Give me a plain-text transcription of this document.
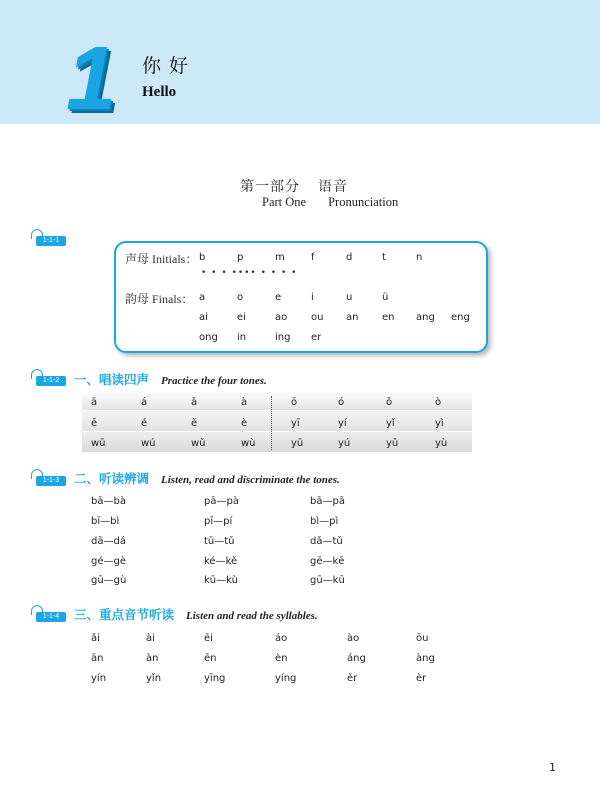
1 你好
Hello
第一部分 语音
Part One Pronunciation
1-1-1
声母 Initials： b	p	m	f	d	t	n
• • • •••• • • • •
韵母 Finals： a	o	e	i	u	ü
ai	ei	ao ou an en ang eng
ong in	ing er
1-1-2	一、唱读四声 Practice the four tones.
ā	á	ǎ	à	ō	ó	ǒ	ò
ē	é	ě	è	yī	yí	yǐ	yì
wū	wú	wǔ	wù	yū	yú	yǔ	yù
1-1-3	二、听读辨调 Listen, read and discriminate the tones.
bā—bà	pā—pà	bā—pā
bī—bì	pī—pí	bì—pì
dā—dá	tū—tǔ	dǎ—tǔ
gé—gè	ké—kě	gē—kē
gū—gù	kū—kù	gū—kū
1-1-4	三、重点音节听读 Listen and read the syllables.
ǎi	ài	ēi	áo	ào	ōu
ān	àn	ēn	èn	áng	àng
yín	yǐn	yīng	yíng	ěr	èr
1
